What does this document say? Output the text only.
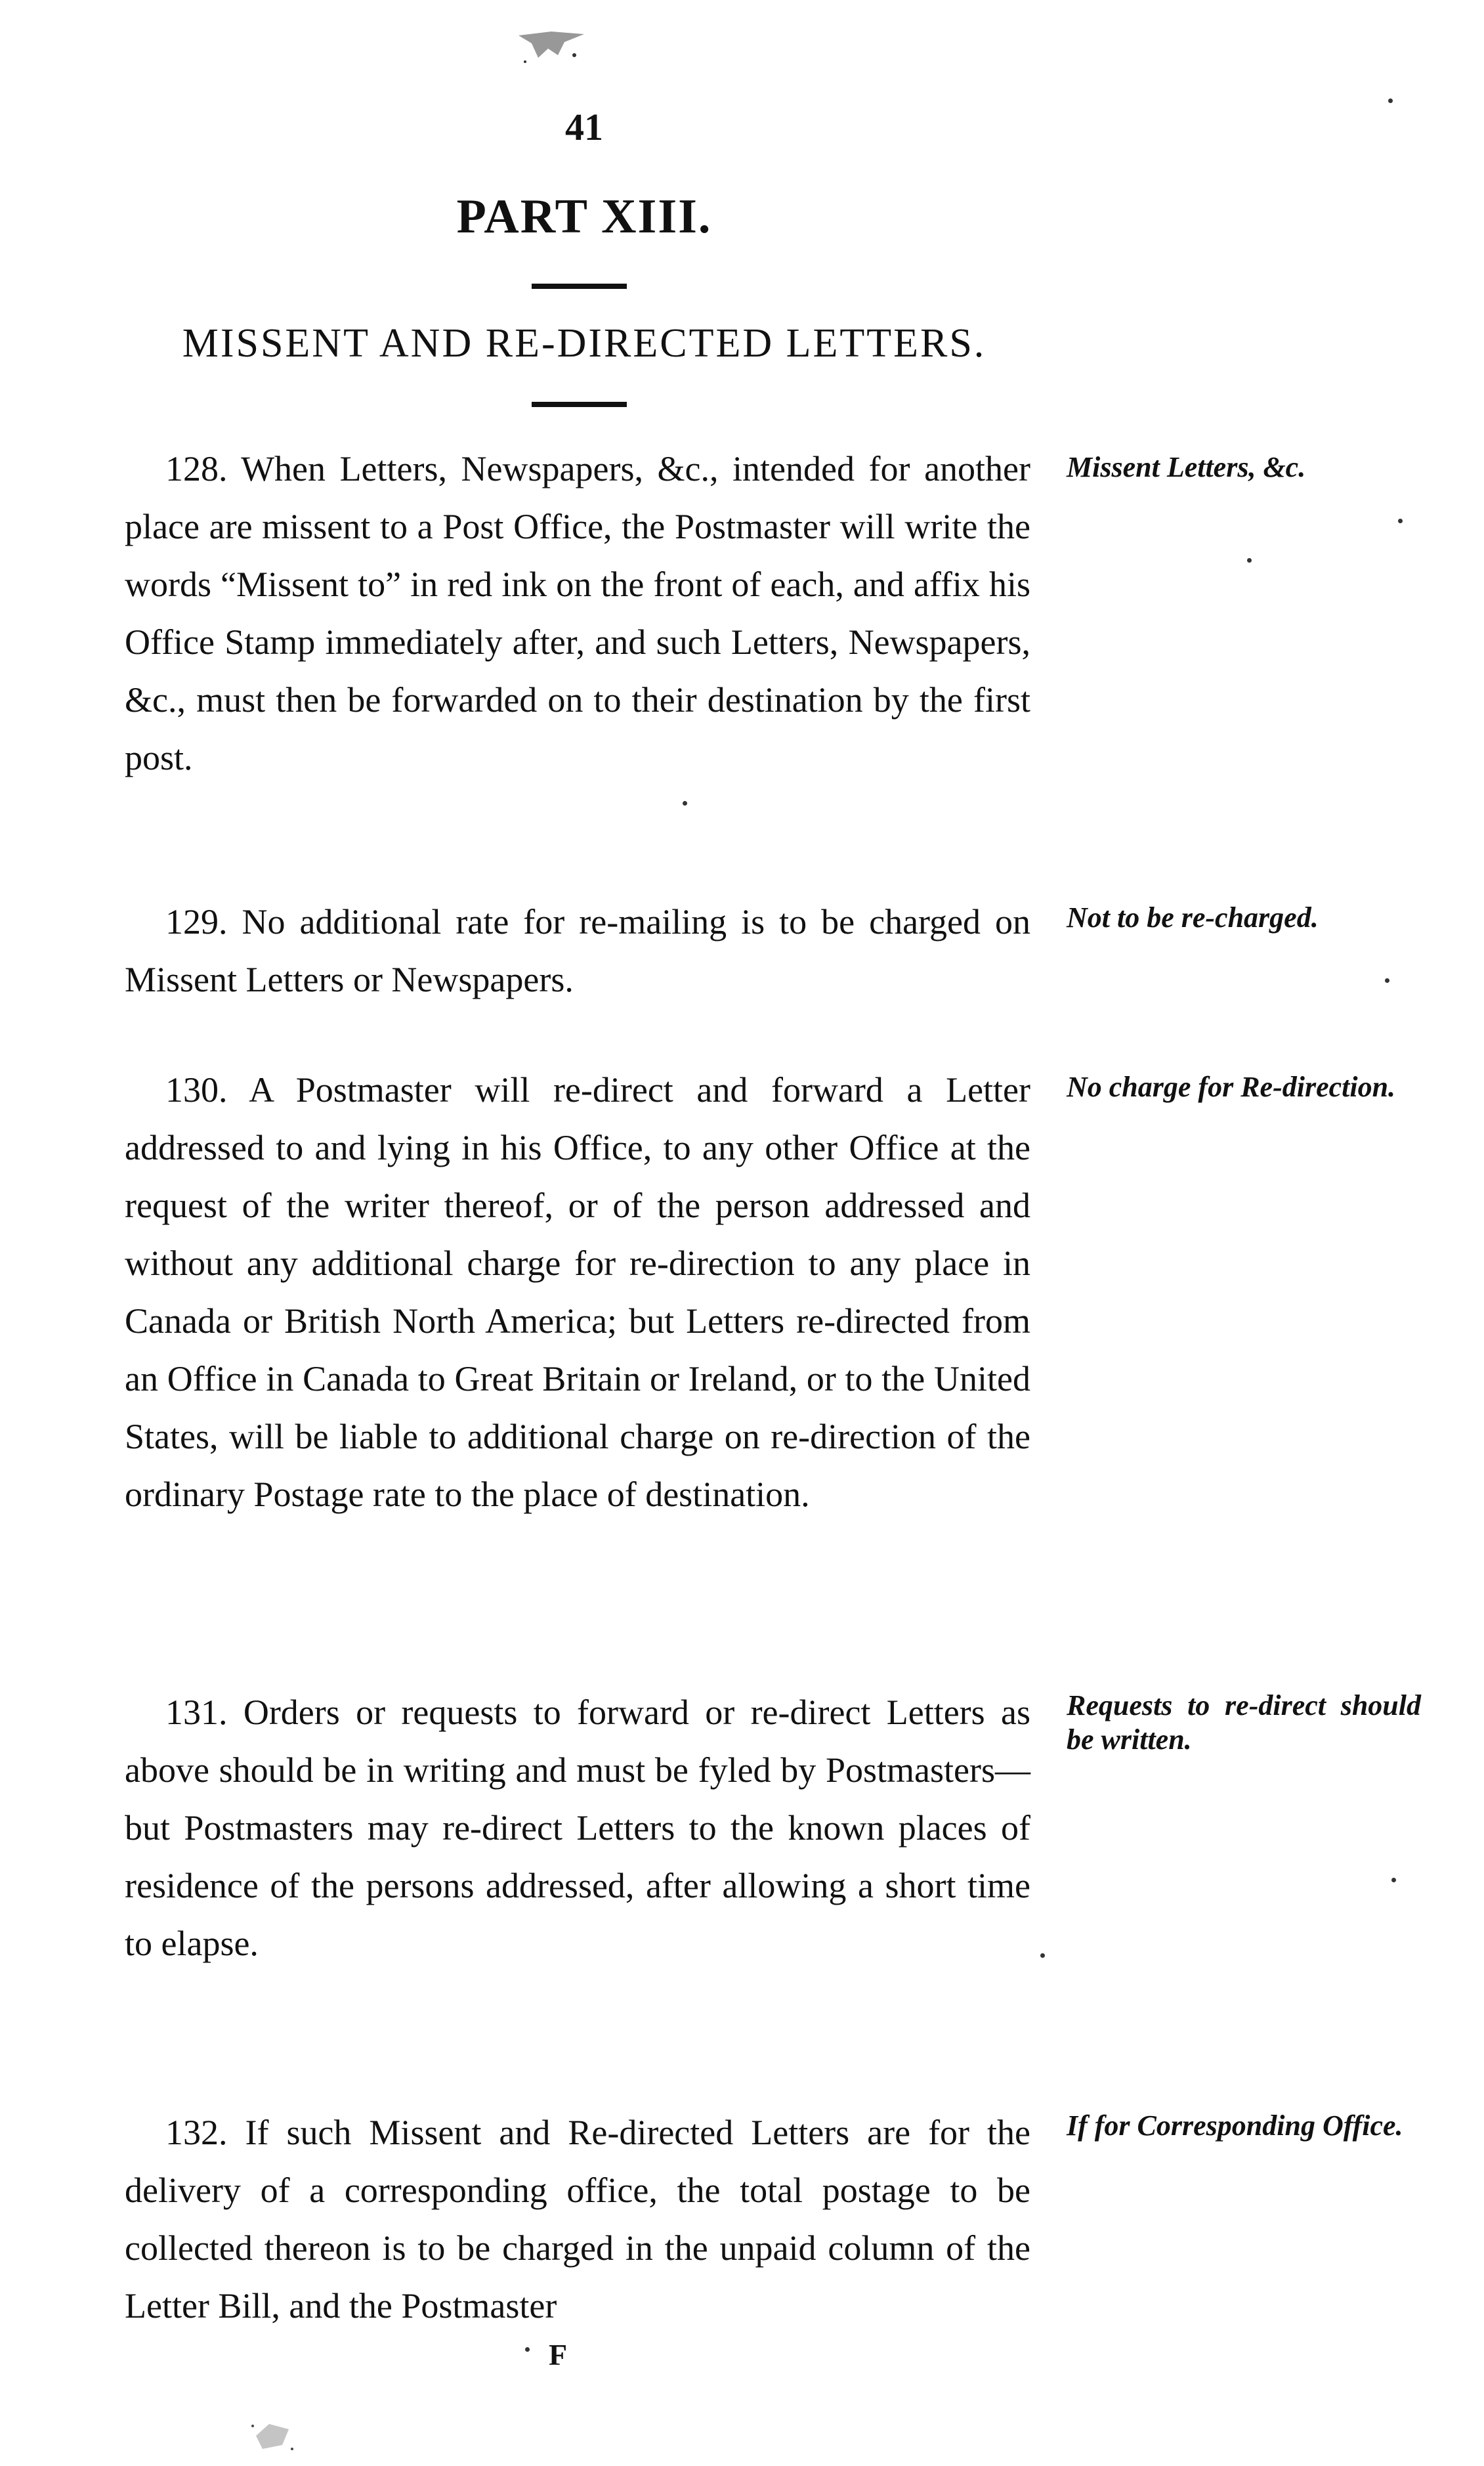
41
PART XIII.
MISSENT AND RE-DIRECTED LETTERS.

128. When Letters, Newspapers, &c., intended for another place are missent to a Post Office, the Postmaster will write the words “Missent to” in red ink on the front of each, and affix his Office Stamp immediately after, and such Letters, Newspapers, &c., must then be forwarded on to their destination by the first post.

Missent Letters, &c.

129. No additional rate for re-mailing is to be charged on Missent Letters or Newspapers.

Not to be re-charged.

130. A Postmaster will re-direct and forward a Letter addressed to and lying in his Office, to any other Office at the request of the writer thereof, or of the person addressed and without any additional charge for re-direction to any place in Canada or British North America; but Letters re-directed from an Office in Canada to Great Britain or Ireland, or to the United States, will be liable to additional charge on re-direction of the ordinary Postage rate to the place of destination.

No charge for Re-direction.

131. Orders or requests to forward or re-direct Letters as above should be in writing and must be fyled by Postmasters—but Postmasters may re-direct Letters to the known places of residence of the persons addressed, after allowing a short time to elapse.

Requests to re-direct should be written.

132. If such Missent and Re-directed Letters are for the delivery of a corresponding office, the total postage to be collected thereon is to be charged in the unpaid column of the Letter Bill, and the Postmaster

If for Corresponding Office.

F
